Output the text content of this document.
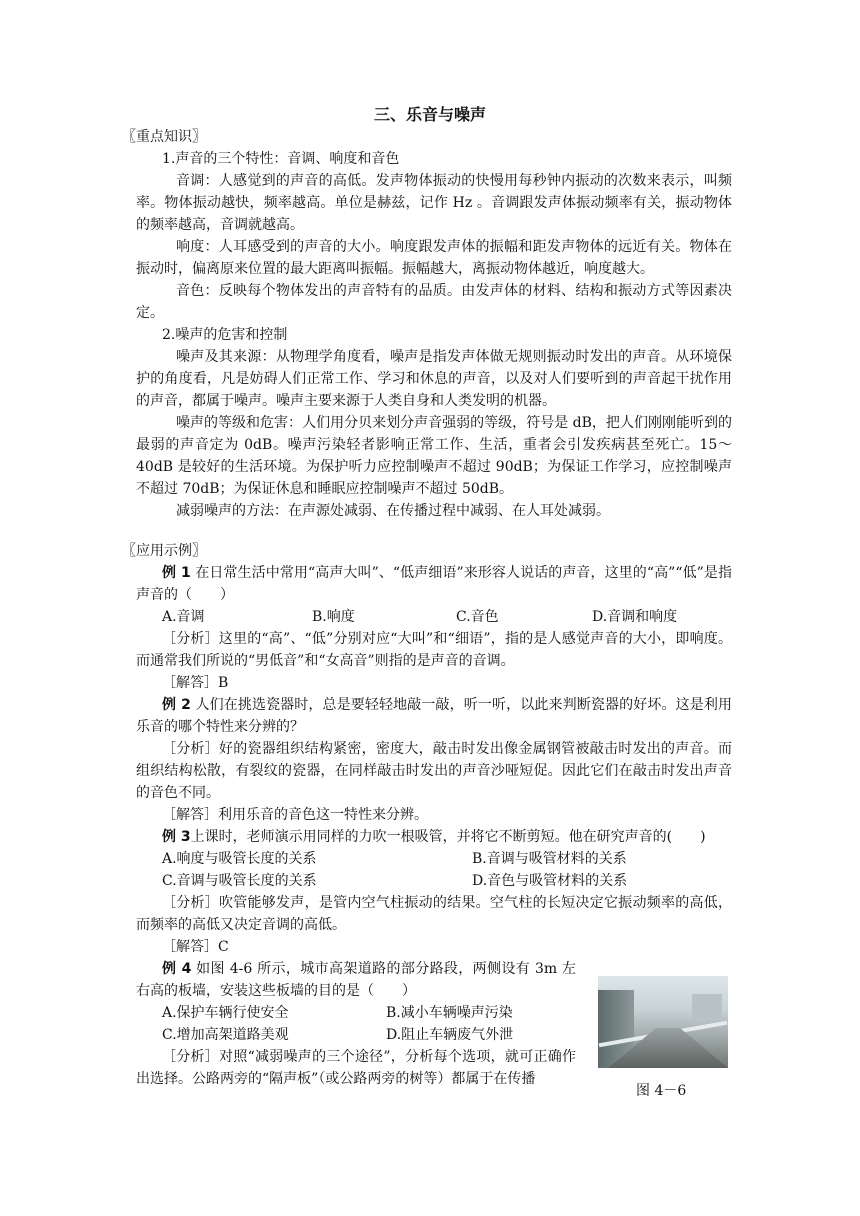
三、乐音与噪声

〖重点知识〗

1.声音的三个特性：音调、响度和音色

音调：人感觉到的声音的高低。发声物体振动的快慢用每秒钟内振动的次数来表示，叫频率。物体振动越快，频率越高。单位是赫兹，记作 Hz 。音调跟发声体振动频率有关，振动物体的频率越高，音调就越高。

响度：人耳感受到的声音的大小。响度跟发声体的振幅和距发声物体的远近有关。物体在振动时，偏离原来位置的最大距离叫振幅。振幅越大，离振动物体越近，响度越大。

音色：反映每个物体发出的声音特有的品质。由发声体的材料、结构和振动方式等因素决定。

2.噪声的危害和控制

噪声及其来源：从物理学角度看，噪声是指发声体做无规则振动时发出的声音。从环境保护的角度看，凡是妨碍人们正常工作、学习和休息的声音，以及对人们要听到的声音起干扰作用的声音，都属于噪声。噪声主要来源于人类自身和人类发明的机器。

噪声的等级和危害：人们用分贝来划分声音强弱的等级，符号是 dB，把人们刚刚能听到的最弱的声音定为 0dB。噪声污染轻者影响正常工作、生活，重者会引发疾病甚至死亡。15～40dB 是较好的生活环境。为保护听力应控制噪声不超过 90dB；为保证工作学习，应控制噪声不超过 70dB；为保证休息和睡眠应控制噪声不超过 50dB。

减弱噪声的方法：在声源处减弱、在传播过程中减弱、在人耳处减弱。

〖应用示例〗

例 1 在日常生活中常用“高声大叫”、“低声细语”来形容人说话的声音，这里的“高”“低”是指声音的（　　）

A.音调	B.响度	C.音色	D.音调和响度

［分析］这里的“高”、“低”分别对应“大叫”和“细语”，指的是人感觉声音的大小，即响度。而通常我们所说的“男低音”和“女高音”则指的是声音的音调。

［解答］B

例 2 人们在挑选瓷器时，总是要轻轻地敲一敲，听一听，以此来判断瓷器的好坏。这是利用乐音的哪个特性来分辨的？

［分析］好的瓷器组织结构紧密，密度大，敲击时发出像金属钢管被敲击时发出的声音。而组织结构松散，有裂纹的瓷器，在同样敲击时发出的声音沙哑短促。因此它们在敲击时发出声音的音色不同。

［解答］利用乐音的音色这一特性来分辨。

例 3上课时，老师演示用同样的力吹一根吸管，并将它不断剪短。他在研究声音的(　　)

A.响度与吸管长度的关系	B.音调与吸管材料的关系
C.音调与吸管长度的关系	D.音色与吸管材料的关系

［分析］吹管能够发声，是管内空气柱振动的结果。空气柱的长短决定它振动频率的高低，而频率的高低又决定音调的高低。

［解答］C

例 4 如图 4-6 所示，城市高架道路的部分路段，两侧设有 3m 左右高的板墙，安装这些板墙的目的是（　　）

A.保护车辆行使安全	B.减小车辆噪声污染
C.增加高架道路美观	D.阻止车辆废气外泄

［分析］对照“减弱噪声的三个途径”，分析每个选项，就可正确作出选择。公路两旁的“隔声板”（或公路两旁的树等）都属于在传播

图 4－6
